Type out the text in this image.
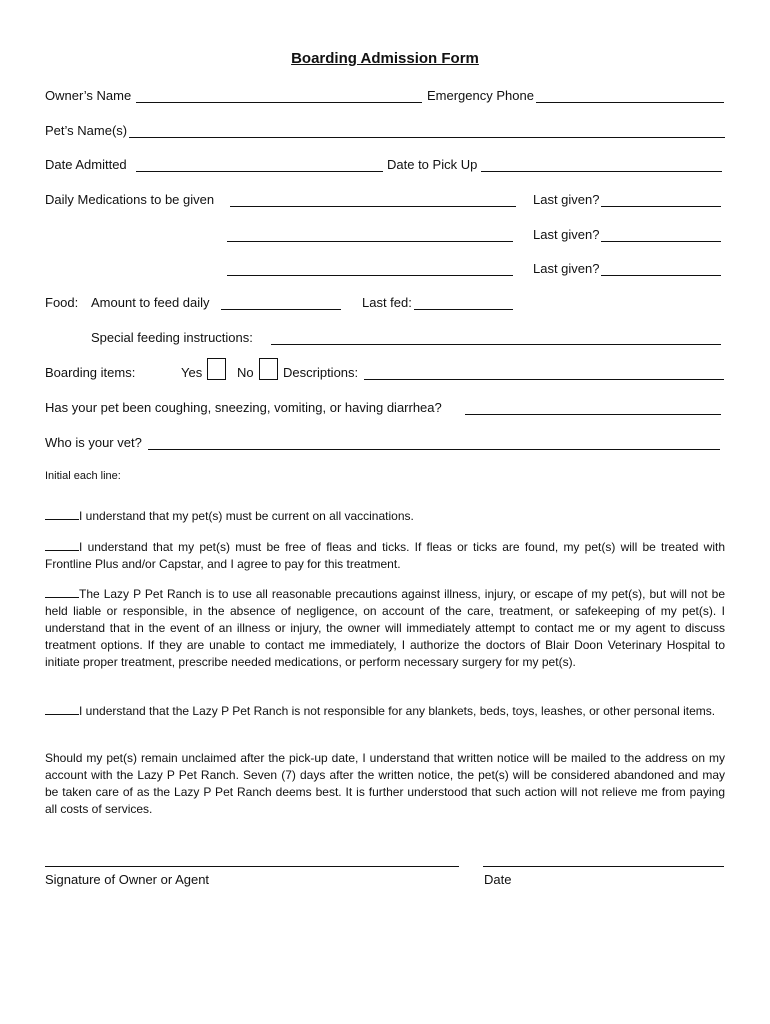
Boarding Admission Form
Owner’s Name	Emergency Phone
Pet’s Name(s)
Date Admitted	Date to Pick Up
Daily Medications to be given	Last given?
Last given?
Last given?
Food: Amount to feed daily	Last fed:
Special feeding instructions:
Boarding items:	Yes	No Descriptions:
Has your pet been coughing, sneezing, vomiting, or having diarrhea?
Who is your vet?
Initial each line:
I understand that my pet(s) must be current on all vaccinations.
I understand that my pet(s) must be free of fleas and ticks. If fleas or ticks are found, my pet(s) will be treated with Frontline Plus and/or Capstar, and I agree to pay for this treatment.
The Lazy P Pet Ranch is to use all reasonable precautions against illness, injury, or escape of my pet(s), but will not be held liable or responsible, in the absence of negligence, on account of the care, treatment, or safekeeping of my pet(s). I understand that in the event of an illness or injury, the owner will immediately attempt to contact me or my agent to discuss treatment options. If they are unable to contact me immediately, I authorize the doctors of Blair Doon Veterinary Hospital to initiate proper treatment, prescribe needed medications, or perform necessary surgery for my pet(s).
I understand that the Lazy P Pet Ranch is not responsible for any blankets, beds, toys, leashes, or other personal items.
Should my pet(s) remain unclaimed after the pick-up date, I understand that written notice will be mailed to the address on my account with the Lazy P Pet Ranch. Seven (7) days after the written notice, the pet(s) will be considered abandoned and may be taken care of as the Lazy P Pet Ranch deems best. It is further understood that such action will not relieve me from paying all costs of services.
Signature of Owner or Agent	Date
